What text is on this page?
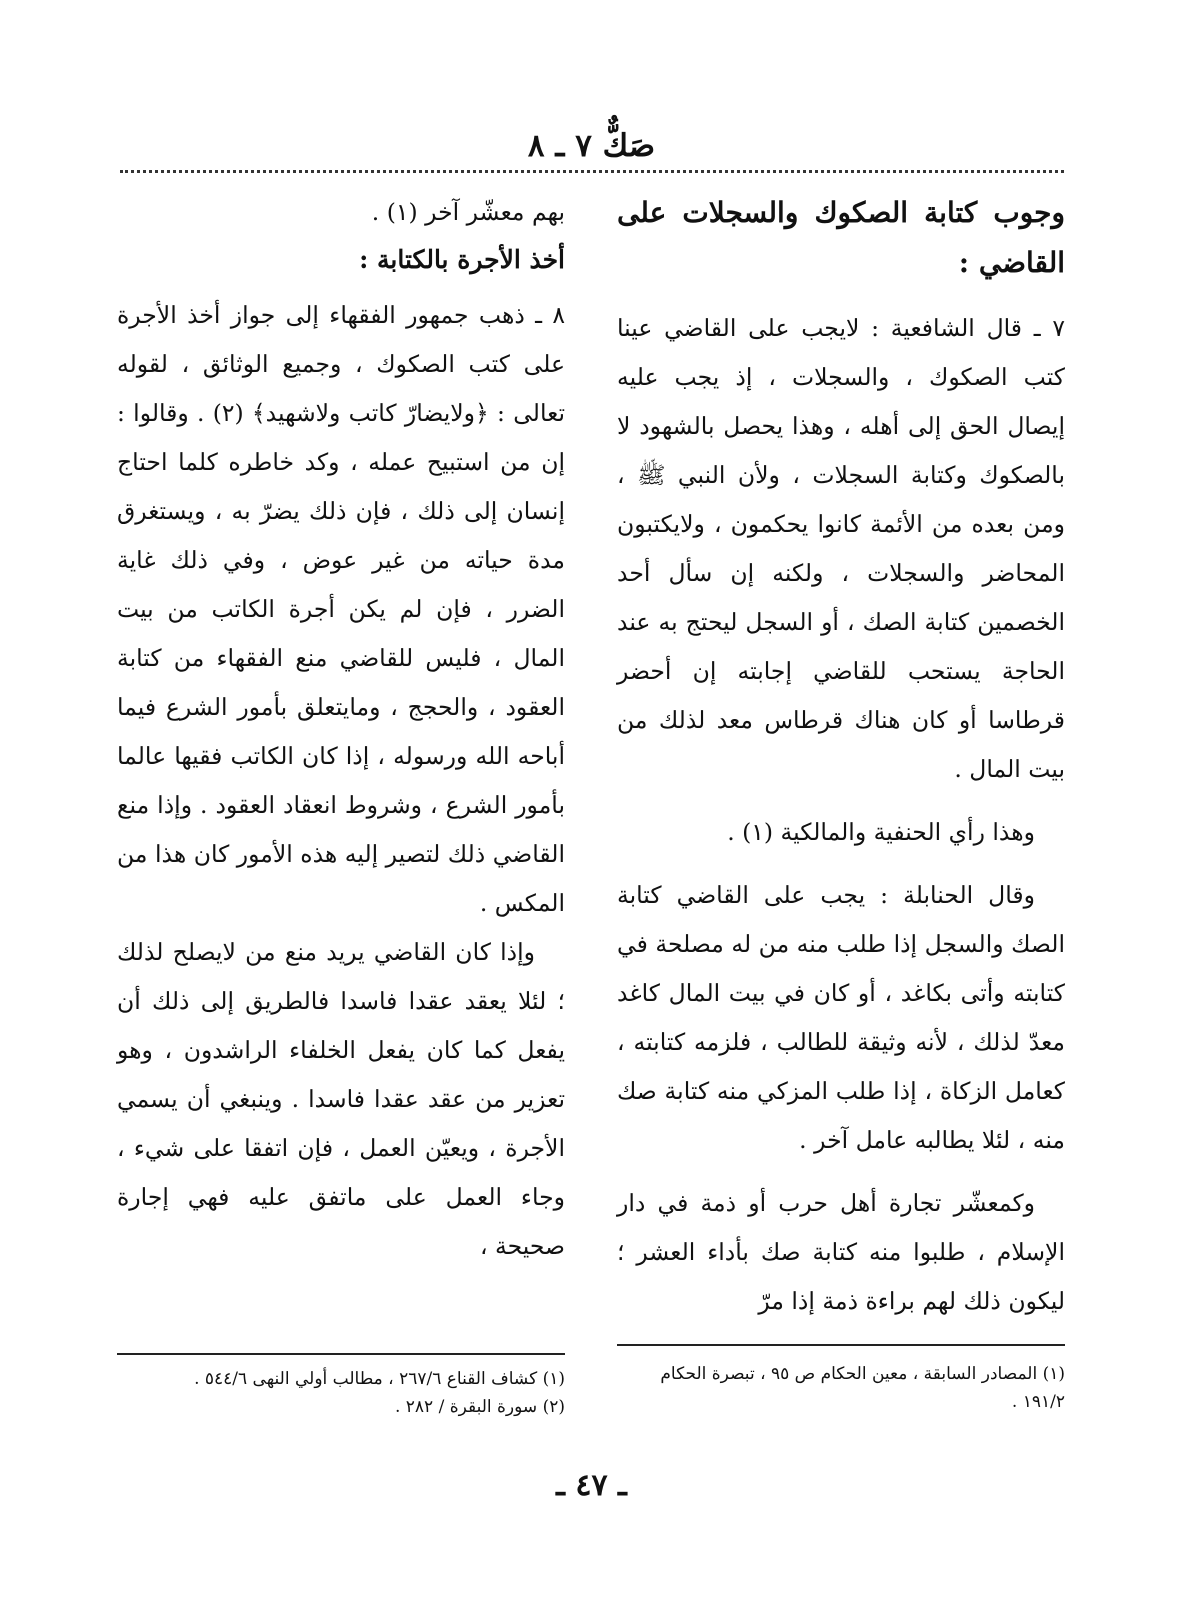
صَكٌّ ٧ ـ ٨

وجوب كتابة الصكوك والسجلات على القاضي :

٧ ـ قال الشافعية : لايجب على القاضي عينا كتب الصكوك ، والسجلات ، إذ يجب عليه إيصال الحق إلى أهله ، وهذا يحصل بالشهود لا بالصكوك وكتابة السجلات ، ولأن النبي ﷺ ، ومن بعده من الأئمة كانوا يحكمون ، ولايكتبون المحاضر والسجلات ، ولكنه إن سأل أحد الخصمين كتابة الصك ، أو السجل ليحتج به عند الحاجة يستحب للقاضي إجابته إن أحضر قرطاسا أو كان هناك قرطاس معد لذلك من بيت المال .

وهذا رأي الحنفية والمالكية (١) .

وقال الحنابلة : يجب على القاضي كتابة الصك والسجل إذا طلب منه من له مصلحة في كتابته وأتى بكاغد ، أو كان في بيت المال كاغد معدّ لذلك ، لأنه وثيقة للطالب ، فلزمه كتابته ، كعامل الزكاة ، إذا طلب المزكي منه كتابة صك منه ، لئلا يطالبه عامل آخر .

وكمعشّر تجارة أهل حرب أو ذمة في دار الإسلام ، طلبوا منه كتابة صك بأداء العشر ؛ ليكون ذلك لهم براءة ذمة إذا مرّ

بهم معشّر آخر (١) .

أخذ الأجرة بالكتابة :

٨ ـ ذهب جمهور الفقهاء إلى جواز أخذ الأجرة على كتب الصكوك ، وجميع الوثائق ، لقوله تعالى : ﴿ولايضارّ كاتب ولاشهيد﴾ (٢) . وقالوا : إن من استبيح عمله ، وكد خاطره كلما احتاج إنسان إلى ذلك ، فإن ذلك يضرّ به ، ويستغرق مدة حياته من غير عوض ، وفي ذلك غاية الضرر ، فإن لم يكن أجرة الكاتب من بيت المال ، فليس للقاضي منع الفقهاء من كتابة العقود ، والحجج ، ومايتعلق بأمور الشرع فيما أباحه الله ورسوله ، إذا كان الكاتب فقيها عالما بأمور الشرع ، وشروط انعقاد العقود . وإذا منع القاضي ذلك لتصير إليه هذه الأمور كان هذا من المكس .

وإذا كان القاضي يريد منع من لايصلح لذلك ؛ لئلا يعقد عقدا فاسدا فالطريق إلى ذلك أن يفعل كما كان يفعل الخلفاء الراشدون ، وهو تعزير من عقد عقدا فاسدا . وينبغي أن يسمي الأجرة ، ويعيّن العمل ، فإن اتفقا على شيء ، وجاء العمل على ماتفق عليه فهي إجارة صحيحة ،

(١) المصادر السابقة ، معين الحكام ص ٩٥ ، تبصرة الحكام ١٩١/٢ .

(١) كشاف القناع ٢٦٧/٦ ، مطالب أولي النهى ٥٤٤/٦ .

(٢) سورة البقرة / ٢٨٢ .

ـ ٤٧ ـ
